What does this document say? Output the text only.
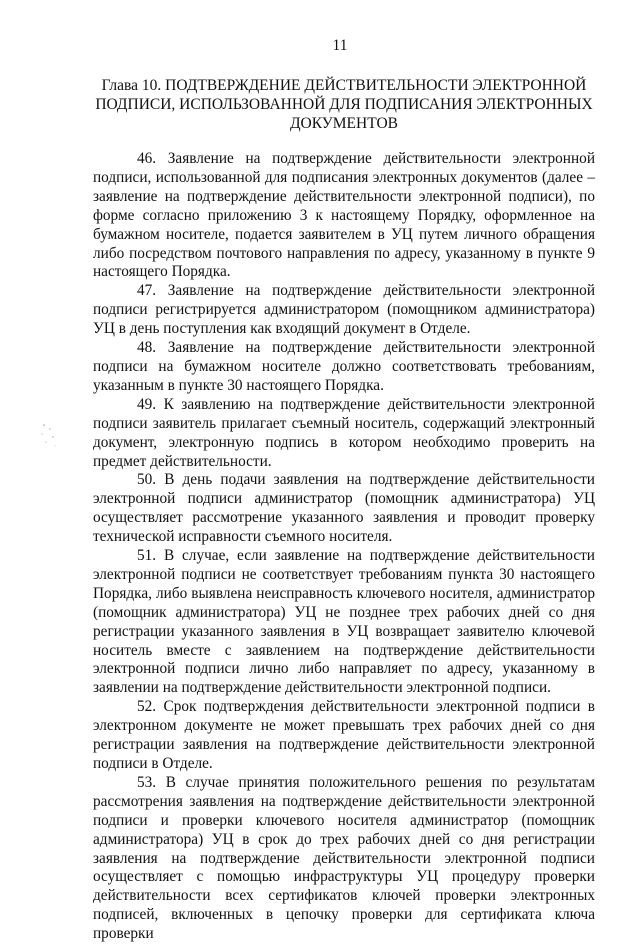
11
Глава 10. ПОДТВЕРЖДЕНИЕ ДЕЙСТВИТЕЛЬНОСТИ ЭЛЕКТРОННОЙ ПОДПИСИ, ИСПОЛЬЗОВАННОЙ ДЛЯ ПОДПИСАНИЯ ЭЛЕКТРОННЫХ ДОКУМЕНТОВ

46. Заявление на подтверждение действительности электронной подписи, использованной для подписания электронных документов (далее – заявление на подтверждение действительности электронной подписи), по форме согласно приложению 3 к настоящему Порядку, оформленное на бумажном носителе, подается заявителем в УЦ путем личного обращения либо посредством почтового направления по адресу, указанному в пункте 9 настоящего Порядка.

47. Заявление на подтверждение действительности электронной подписи регистрируется администратором (помощником администратора) УЦ в день поступления как входящий документ в Отделе.

48. Заявление на подтверждение действительности электронной подписи на бумажном носителе должно соответствовать требованиям, указанным в пункте 30 настоящего Порядка.

49. К заявлению на подтверждение действительности электронной подписи заявитель прилагает съемный носитель, содержащий электронный документ, электронную подпись в котором необходимо проверить на предмет действительности.

50. В день подачи заявления на подтверждение действительности электронной подписи администратор (помощник администратора) УЦ осуществляет рассмотрение указанного заявления и проводит проверку технической исправности съемного носителя.

51. В случае, если заявление на подтверждение действительности электронной подписи не соответствует требованиям пункта 30 настоящего Порядка, либо выявлена неисправность ключевого носителя, администратор (помощник администратора) УЦ не позднее трех рабочих дней со дня регистрации указанного заявления в УЦ возвращает заявителю ключевой носитель вместе с заявлением на подтверждение действительности электронной подписи лично либо направляет по адресу, указанному в заявлении на подтверждение действительности электронной подписи.

52. Срок подтверждения действительности электронной подписи в электронном документе не может превышать трех рабочих дней со дня регистрации заявления на подтверждение действительности электронной подписи в Отделе.

53. В случае принятия положительного решения по результатам рассмотрения заявления на подтверждение действительности электронной подписи и проверки ключевого носителя администратор (помощник администратора) УЦ в срок до трех рабочих дней со дня регистрации заявления на подтверждение действительности электронной подписи осуществляет с помощью инфраструктуры УЦ процедуру проверки действительности всех сертификатов ключей проверки электронных подписей, включенных в цепочку проверки для сертификата ключа проверки
